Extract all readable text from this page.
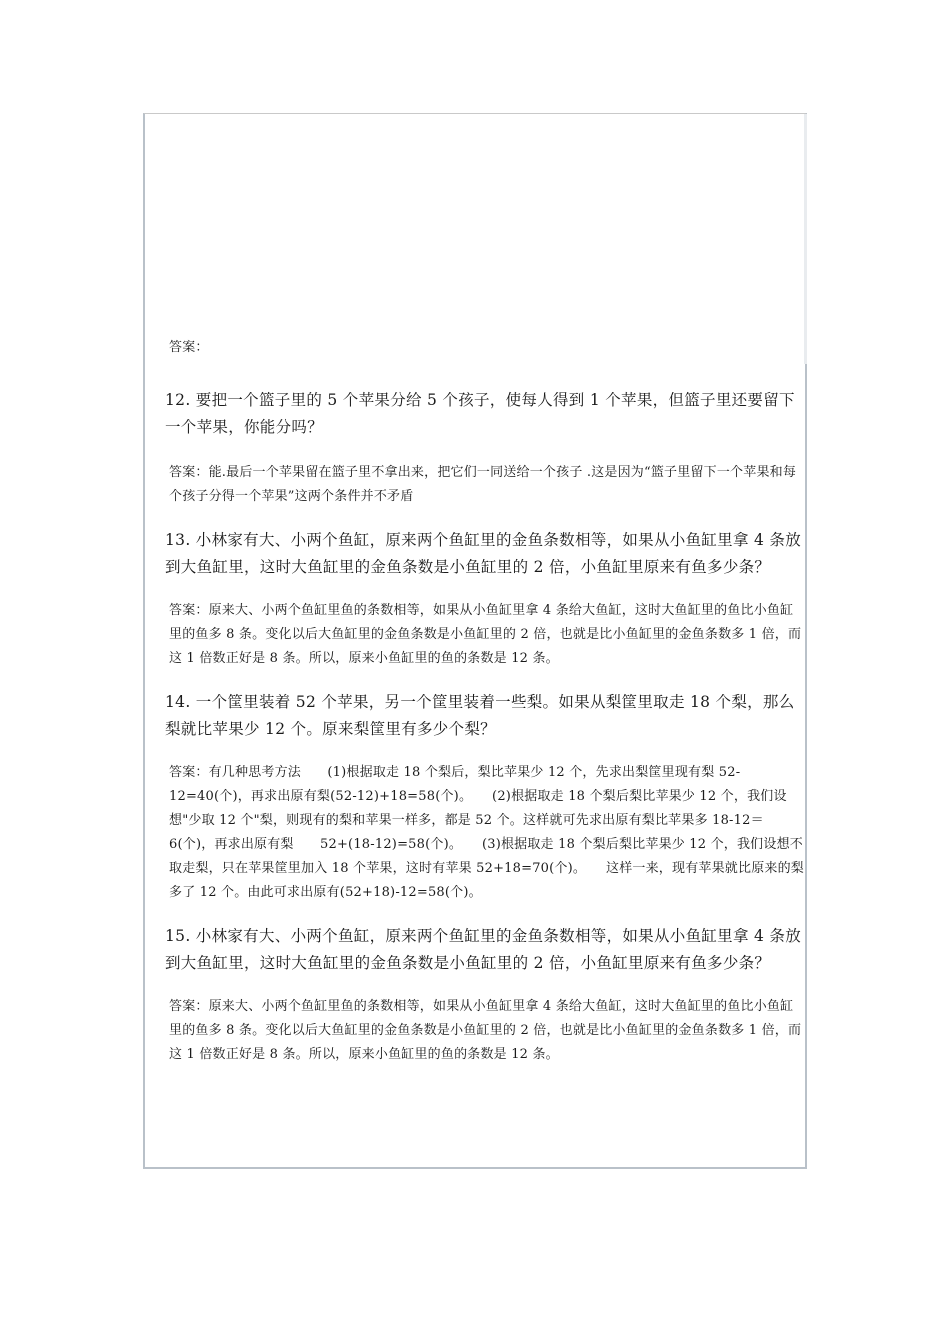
答案：

12. 要把一个篮子里的 5 个苹果分给 5 个孩子，使每人得到 1 个苹果，但篮子里还要留下一个苹果，你能分吗？

答案：能.最后一个苹果留在篮子里不拿出来，把它们一同送给一个孩子 .这是因为“篮子里留下一个苹果和每个孩子分得一个苹果”这两个条件并不矛盾

13. 小林家有大、小两个鱼缸，原来两个鱼缸里的金鱼条数相等，如果从小鱼缸里拿 4 条放到大鱼缸里，这时大鱼缸里的金鱼条数是小鱼缸里的 2 倍，小鱼缸里原来有鱼多少条？

答案：原来大、小两个鱼缸里鱼的条数相等，如果从小鱼缸里拿 4 条给大鱼缸，这时大鱼缸里的鱼比小鱼缸里的鱼多 8 条。变化以后大鱼缸里的金鱼条数是小鱼缸里的 2 倍，也就是比小鱼缸里的金鱼条数多 1 倍，而这 1 倍数正好是 8 条。所以，原来小鱼缸里的鱼的条数是 12 条。

14. 一个筐里装着 52 个苹果，另一个筐里装着一些梨。如果从梨筐里取走 18 个梨，那么梨就比苹果少 12 个。原来梨筐里有多少个梨？

答案：有几种思考方法　　(1)根据取走 18 个梨后，梨比苹果少 12 个，先求出梨筐里现有梨 52-12=40(个)，再求出原有梨(52-12)+18=58(个)。　　(2)根据取走 18 个梨后梨比苹果少 12 个，我们设想"少取 12 个"梨，则现有的梨和苹果一样多，都是 52 个。这样就可先求出原有梨比苹果多 18-12＝6(个)，再求出原有梨　　52+(18-12)=58(个)。　　(3)根据取走 18 个梨后梨比苹果少 12 个，我们设想不取走梨，只在苹果筐里加入 18 个苹果，这时有苹果 52+18=70(个)。　　这样一来，现有苹果就比原来的梨多了 12 个。由此可求出原有(52+18)-12=58(个)。

15. 小林家有大、小两个鱼缸，原来两个鱼缸里的金鱼条数相等，如果从小鱼缸里拿 4 条放到大鱼缸里，这时大鱼缸里的金鱼条数是小鱼缸里的 2 倍，小鱼缸里原来有鱼多少条？

答案：原来大、小两个鱼缸里鱼的条数相等，如果从小鱼缸里拿 4 条给大鱼缸，这时大鱼缸里的鱼比小鱼缸里的鱼多 8 条。变化以后大鱼缸里的金鱼条数是小鱼缸里的 2 倍，也就是比小鱼缸里的金鱼条数多 1 倍，而这 1 倍数正好是 8 条。所以，原来小鱼缸里的鱼的条数是 12 条。
